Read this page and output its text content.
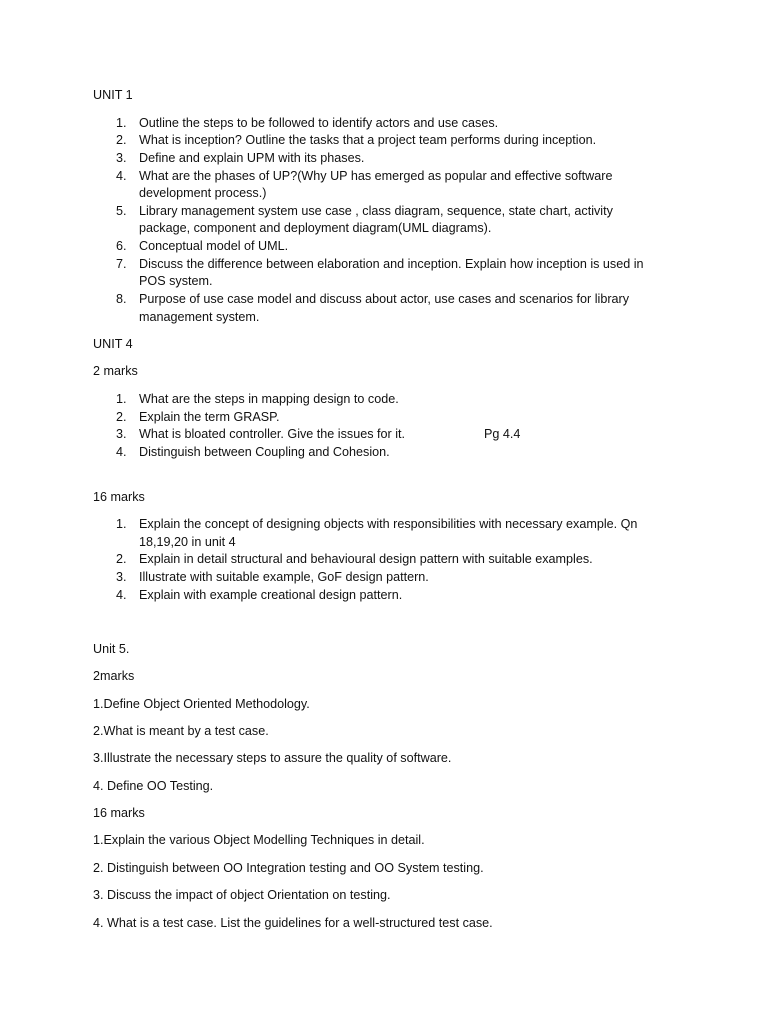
UNIT 1
1. Outline the steps to be followed to identify actors and use cases.
2. What is inception? Outline the tasks that a project team performs during inception.
3. Define and explain UPM with its phases.
4. What are the phases of UP?(Why UP has emerged as popular and effective software
development process.)
5. Library management system use case , class diagram, sequence, state chart, activity
package, component and deployment diagram(UML diagrams).
6. Conceptual model of UML.
7. Discuss the difference between elaboration and inception. Explain how inception is used in
POS system.
8. Purpose of use case model and discuss about actor, use cases and scenarios for library
management system.
UNIT 4
2 marks
1. What are the steps in mapping design to code.
2. Explain the term GRASP.
3. What is bloated controller. Give the issues for it.	Pg 4.4
4. Distinguish between Coupling and Cohesion.
16 marks
1. Explain the concept of designing objects with responsibilities with necessary example. Qn
18,19,20 in unit 4
2. Explain in detail structural and behavioural design pattern with suitable examples.
3. Illustrate with suitable example, GoF design pattern.
4. Explain with example creational design pattern.
Unit 5.
2marks
1.Define Object Oriented Methodology.
2.What is meant by a test case.
3.Illustrate the necessary steps to assure the quality of software.
4. Define OO Testing.
16 marks
1.Explain the various Object Modelling Techniques in detail.
2. Distinguish between OO Integration testing and OO System testing.
3. Discuss the impact of object Orientation on testing.
4. What is a test case. List the guidelines for a well-structured test case.
